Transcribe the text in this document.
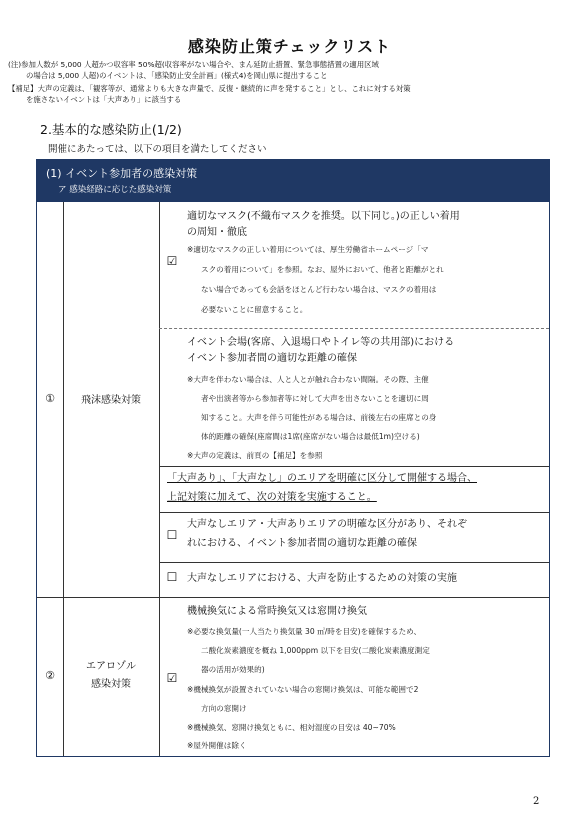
感染防止策チェックリスト
(注)参加人数が 5,000 人超かつ収容率 50%超(収容率がない場合や、まん延防止措置、緊急事態措置の適用区域
の場合は 5,000 人超)のイベントは、「感染防止安全計画」(様式4)を岡山県に提出すること
【補足】大声の定義は、「観客等が、通常よりも大きな声量で、反復・継続的に声を発すること」とし、これに対する対策
を施さないイベントは「大声あり」に該当する
2.基本的な感染防止(1/2)
開催にあたっては、以下の項目を満たしてください
(1) イベント参加者の感染対策
ア 感染経路に応じた感染対策
①	飛沫感染対策
☑
適切なマスク(不織布マスクを推奨。以下同じ。)の正しい着用
の周知・徹底
※適切なマスクの正しい着用については、厚生労働省ホームページ「マ
スクの着用について」を参照。なお、屋外において、他者と距離がとれ
ない場合であっても会話をほとんど行わない場合は、マスクの着用は
必要ないことに留意すること。
イベント会場(客席、入退場口やトイレ等の共用部)における
イベント参加者間の適切な距離の確保
※大声を伴わない場合は、人と人とが触れ合わない間隔。その際、主催
者や出演者等から参加者等に対して大声を出さないことを適切に周
知すること。大声を伴う可能性がある場合は、前後左右の座席との身
体的距離の確保(座席間は1席(座席がない場合は最低1m)空ける)
※大声の定義は、前頁の【補足】を参照
「大声あり」、「大声なし」のエリアを明確に区分して開催する場合、
上記対策に加えて、次の対策を実施すること。
☐
大声なしエリア・大声ありエリアの明確な区分があり、それぞ
れにおける、イベント参加者間の適切な距離の確保
☐ 大声なしエリアにおける、大声を防止するための対策の実施
②
エアロゾル
感染対策	☑
機械換気による常時換気又は窓開け換気
※必要な換気量(一人当たり換気量 30 ㎥/時を目安)を確保するため、
二酸化炭素濃度を概ね 1,000ppm 以下を目安(二酸化炭素濃度測定
器の活用が効果的)
※機械換気が設置されていない場合の窓開け換気は、可能な範囲で2
方向の窓開け
※機械換気、窓開け換気ともに、相対湿度の目安は 40~70%
※屋外開催は除く
2
